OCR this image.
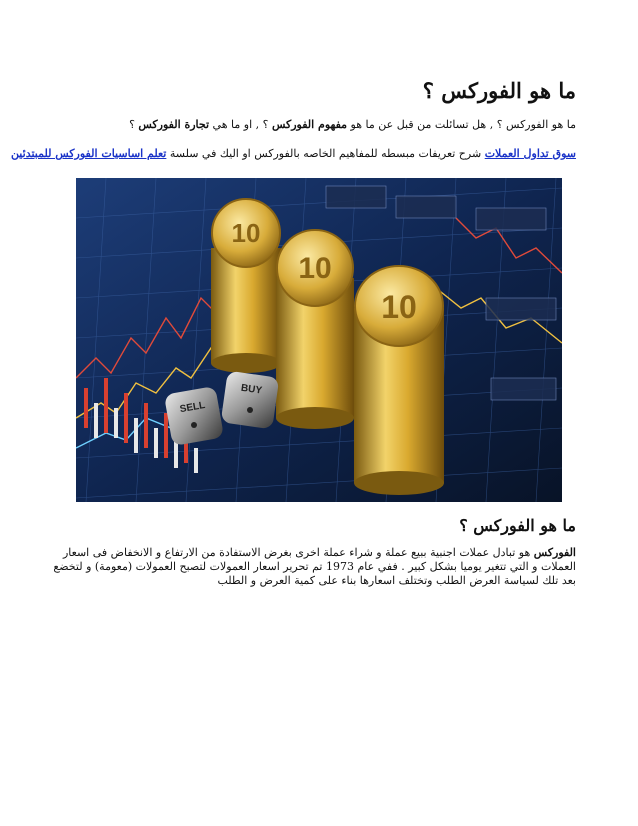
ما هو الفوركس ؟
ما هو الفوركس ؟ , هل تسائلت من قبل عن ما هو مفهوم الفوركس ؟ , او ما هي تجارة الفوركس ؟
سوق تداول العملات شرح تعريفات مبسطه للمفاهيم الخاصه بالفوركس او اليك في سلسة تعلم اساسيات الفوركس للمبتدئين
10
10
10
SELL
BUY
ما هو الفوركس ؟
الفوركس هو تبادل عملات اجنبية ببيع عملة و شراء عملة اخرى بغرض الاستفادة من الارتفاع و الانخفاض فى اسعار
العملات و التي تتغير يوميا بشكل كبير . ففي عام 1973 تم تحرير اسعار العمولات لتصبح العمولات (معومة) و لتخضع
بعد تلك لسياسة العرض الطلب وتختلف اسعارها بناء على كمية العرض و الطلب
